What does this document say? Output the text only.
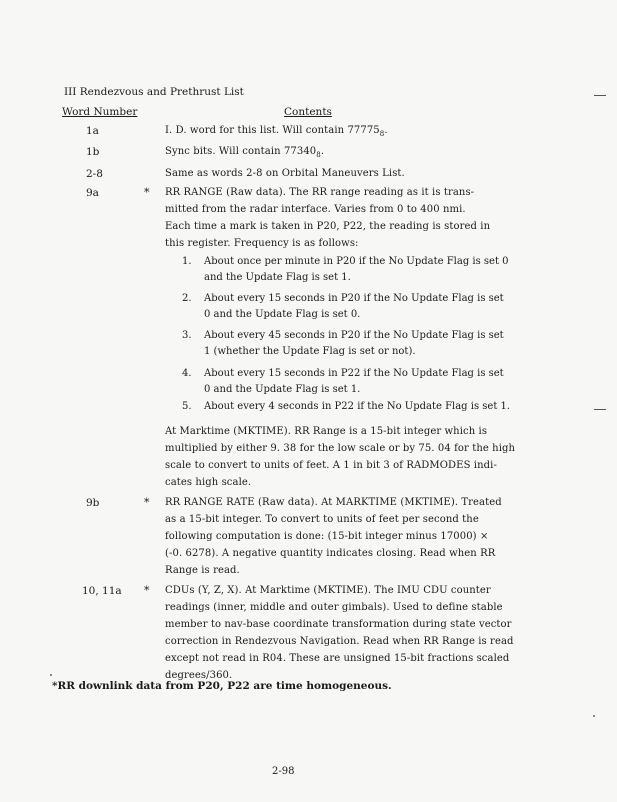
III Rendezvous and Prethrust List
Word Number	Contents
1a	I. D. word for this list. Will contain $77775_8$.
1b	Sync bits. Will contain $77340_8$.
2-8	Same as words 2-8 on Orbital Maneuvers List.
9a	* RR RANGE (Raw data). The RR range reading as it is trans-
mitted from the radar interface. Varies from 0 to 400 nmi.
Each time a mark is taken in P20, P22, the reading is stored in
this register. Frequency is as follows:
1. About once per minute in P20 if the No Update Flag is set 0
and the Update Flag is set 1.
2. About every 15 seconds in P20 if the No Update Flag is set
0 and the Update Flag is set 0.
3. About every 45 seconds in P20 if the No Update Flag is set
1 (whether the Update Flag is set or not).
4. About every 15 seconds in P22 if the No Update Flag is set
0 and the Update Flag is set 1.
5. About every 4 seconds in P22 if the No Update Flag is set 1.
At Marktime (MKTIME). RR Range is a 15-bit integer which is
multiplied by either 9. 38 for the low scale or by 75. 04 for the high
scale to convert to units of feet. A 1 in bit 3 of RADMODES indi-
cates high scale.
9b	* RR RANGE RATE (Raw data). At MARKTIME (MKTIME). Treated
as a 15-bit integer. To convert to units of feet per second the
following computation is done: (15-bit integer minus 17000) ×
(-0. 6278). A negative quantity indicates closing. Read when RR
Range is read.
10, 11a * CDUs (Y, Z, X). At Marktime (MKTIME). The IMU CDU counter
readings (inner, middle and outer gimbals). Used to define stable
member to nav-base coordinate transformation during state vector
correction in Rendezvous Navigation. Read when RR Range is read
except not read in R04. These are unsigned 15-bit fractions scaled
degrees/360.
*RR downlink data from P20, P22 are time homogeneous.
2-98
